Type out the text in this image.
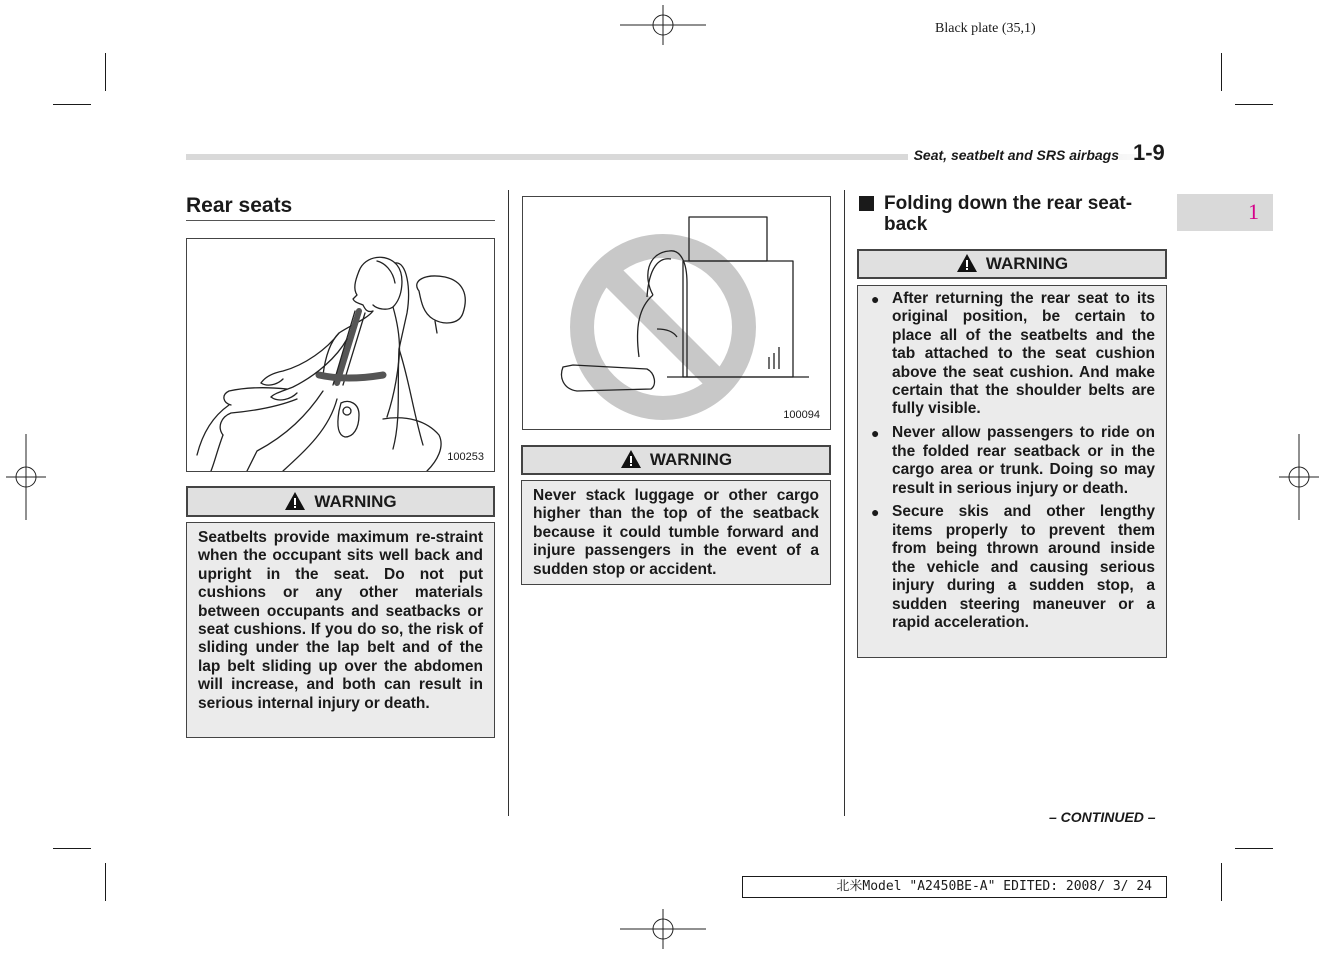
Black plate (35,1)
Seat, seatbelt and SRS airbags 1-9
1
Rear seats
100253
WARNING

Seatbelts provide maximum re-straint when the occupant sits well back and upright in the seat. Do not put cushions or any other materials between occupants and seatbacks or seat cushions. If you do so, the risk of sliding under the lap belt and of the lap belt sliding up over the abdomen will increase, and both can result in serious internal injury or death.

100094
WARNING

Never stack luggage or other cargo higher than the top of the seatback because it could tumble forward and injure passengers in the event of a sudden stop or accident.

Folding down the rear seat-back
WARNING
● After returning the rear seat to its original position, be certain to place all of the seatbelts and the tab attached to the seat cushion above the seat cushion. And make certain that the shoulder belts are fully visible.
● Never allow passengers to ride on the folded rear seatback or in the cargo area or trunk. Doing so may result in serious injury or death.
● Secure skis and other lengthy items properly to prevent them from being thrown around inside the vehicle and causing serious injury during a sudden stop, a sudden steering maneuver or a rapid acceleration.
– CONTINUED –
北米Model "A2450BE-A" EDITED: 2008/ 3/ 24
